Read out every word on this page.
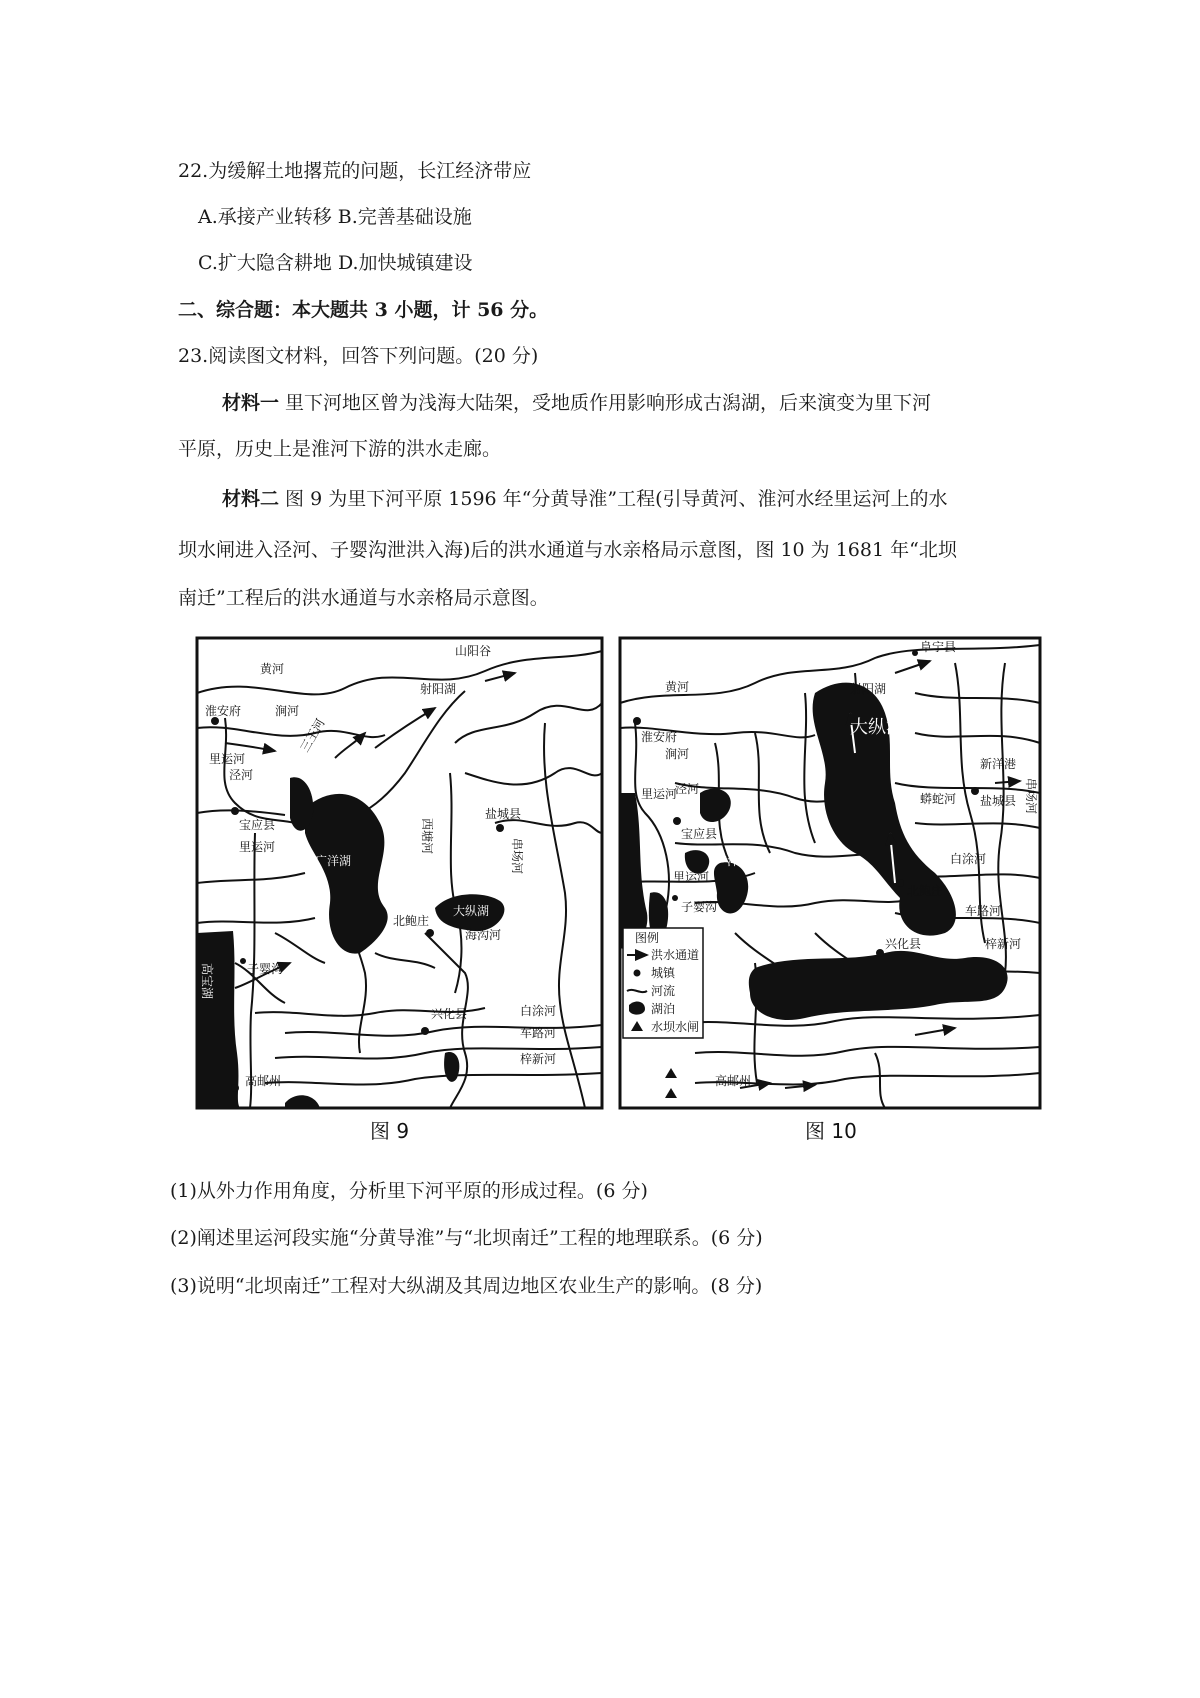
22.为缓解土地撂荒的问题，长江经济带应
A.承接产业转移 B.完善基础设施
C.扩大隐含耕地 D.加快城镇建设
二、综合题：本大题共 3 小题，计 56 分。
23.阅读图文材料，回答下列问题。(20 分)
材料一 里下河地区曾为浅海大陆架，受地质作用影响形成古潟湖，后来演变为里下河
平原，历史上是淮河下游的洪水走廊。
材料二 图 9 为里下河平原 1596 年“分黄导淮”工程(引导黄河、淮河水经里运河上的水
坝水闸进入泾河、子婴沟泄洪入海)后的洪水通道与水亲格局示意图，图 10 为 1681 年“北坝
南迁”工程后的洪水通道与水亲格局示意图。
黄河
山阳谷
射阳湖
淮安府	涧河
三王河
里运河
泾河
西塘河
盐城县
串场河
宝应县
里运河
广洋湖
大纵湖
北鲍庄
海沟河
子婴沟
高宝湖
兴化县	白涂河
车路河
梓新河
高邮州
图 9
黄河
阜宁县
射阳湖
淮安府
涧河
里运河
泾河
大纵湖
新洋港
盐城县
蟒蛇河	串场河
宝应县
广洋湖
里运河
白涂河
北鲍庄
子婴沟	车路河
兴化县	梓新河
高邮州
图例
洪水通道
城镇
河流
湖泊
水坝水闸
图 10
(1)从外力作用角度，分析里下河平原的形成过程。(6 分)
(2)阐述里运河段实施“分黄导淮”与“北坝南迁”工程的地理联系。(6 分)
(3)说明“北坝南迁”工程对大纵湖及其周边地区农业生产的影响。(8 分)
